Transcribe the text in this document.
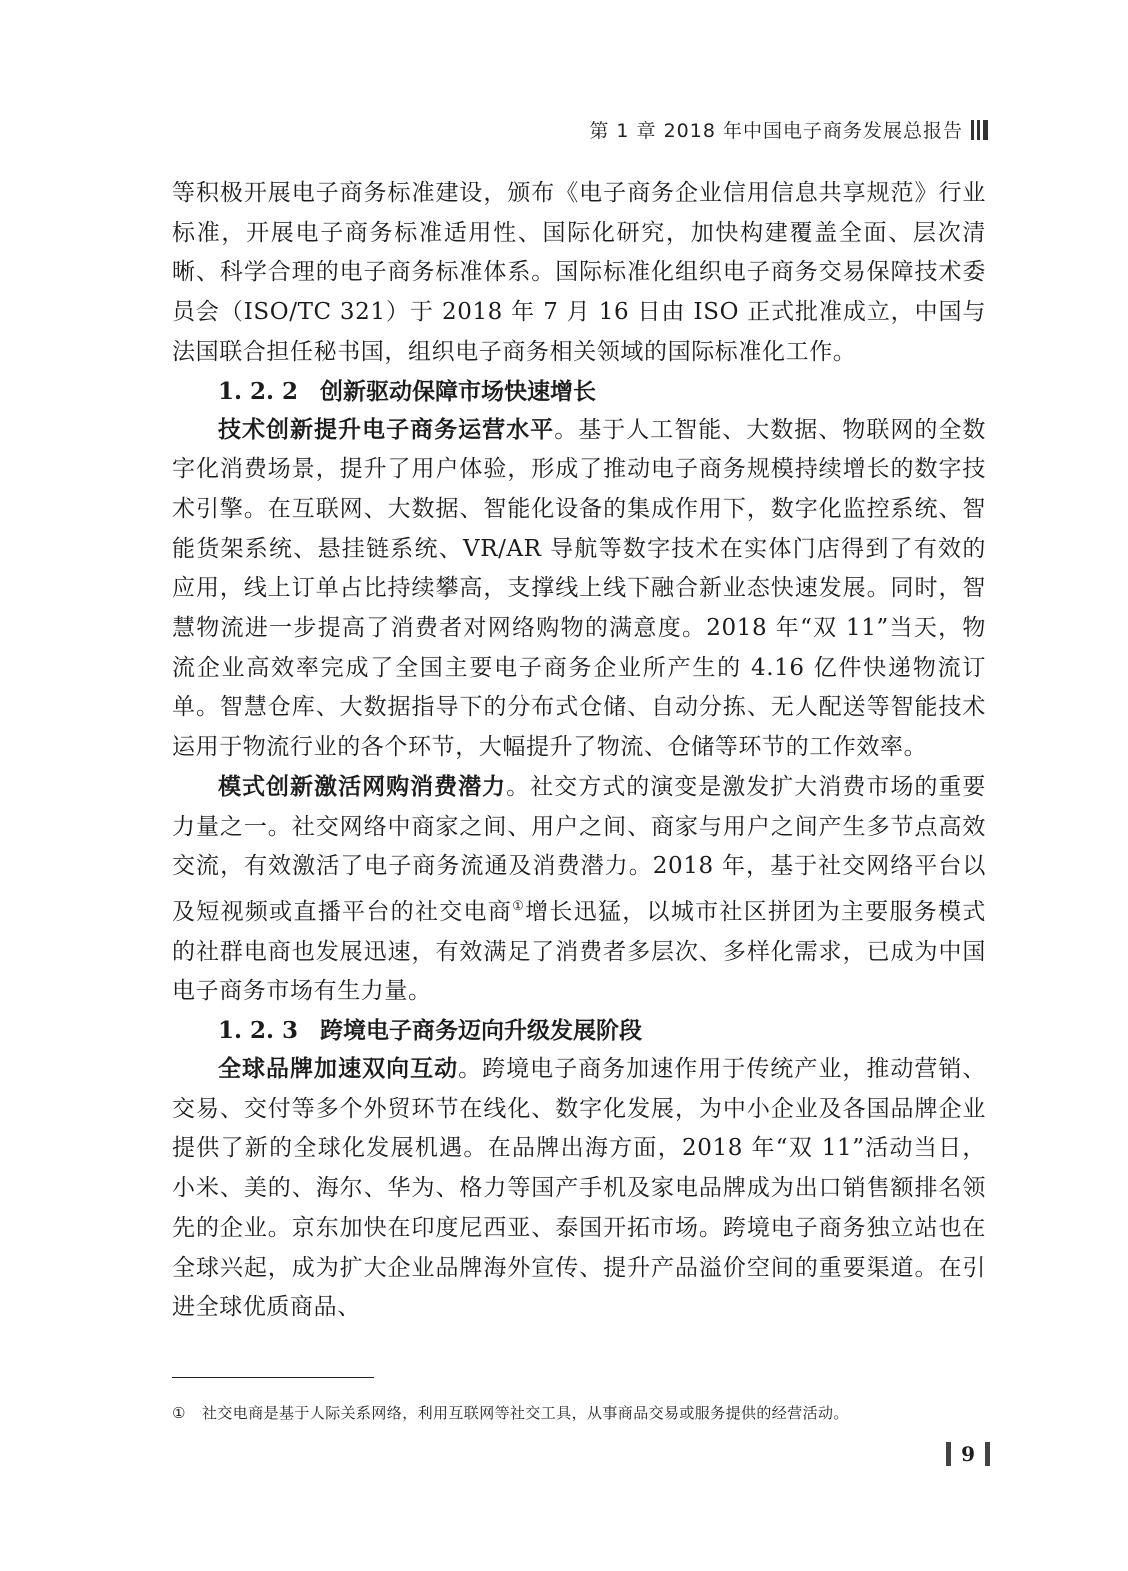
第 1 章 2018 年中国电子商务发展总报告

等积极开展电子商务标准建设，颁布《电子商务企业信用信息共享规范》行业标准，开展电子商务标准适用性、国际化研究，加快构建覆盖全面、层次清晰、科学合理的电子商务标准体系。国际标准化组织电子商务交易保障技术委员会（ISO/TC 321）于 2018 年 7 月 16 日由 ISO 正式批准成立，中国与法国联合担任秘书国，组织电子商务相关领域的国际标准化工作。

1. 2. 2 创新驱动保障市场快速增长

技术创新提升电子商务运营水平。基于人工智能、大数据、物联网的全数字化消费场景，提升了用户体验，形成了推动电子商务规模持续增长的数字技术引擎。在互联网、大数据、智能化设备的集成作用下，数字化监控系统、智能货架系统、悬挂链系统、VR/AR 导航等数字技术在实体门店得到了有效的应用，线上订单占比持续攀高，支撑线上线下融合新业态快速发展。同时，智慧物流进一步提高了消费者对网络购物的满意度。2018 年“双 11”当天，物流企业高效率完成了全国主要电子商务企业所产生的 4.16 亿件快递物流订单。智慧仓库、大数据指导下的分布式仓储、自动分拣、无人配送等智能技术运用于物流行业的各个环节，大幅提升了物流、仓储等环节的工作效率。

模式创新激活网购消费潜力。社交方式的演变是激发扩大消费市场的重要力量之一。社交网络中商家之间、用户之间、商家与用户之间产生多节点高效交流，有效激活了电子商务流通及消费潜力。2018 年，基于社交网络平台以及短视频或直播平台的社交电商①增长迅猛，以城市社区拼团为主要服务模式的社群电商也发展迅速，有效满足了消费者多层次、多样化需求，已成为中国电子商务市场有生力量。

1. 2. 3 跨境电子商务迈向升级发展阶段

全球品牌加速双向互动。跨境电子商务加速作用于传统产业，推动营销、交易、交付等多个外贸环节在线化、数字化发展，为中小企业及各国品牌企业提供了新的全球化发展机遇。在品牌出海方面，2018 年“双 11”活动当日，小米、美的、海尔、华为、格力等国产手机及家电品牌成为出口销售额排名领先的企业。京东加快在印度尼西亚、泰国开拓市场。跨境电子商务独立站也在全球兴起，成为扩大企业品牌海外宣传、提升产品溢价空间的重要渠道。在引进全球优质商品、

① 社交电商是基于人际关系网络，利用互联网等社交工具，从事商品交易或服务提供的经营活动。
9
